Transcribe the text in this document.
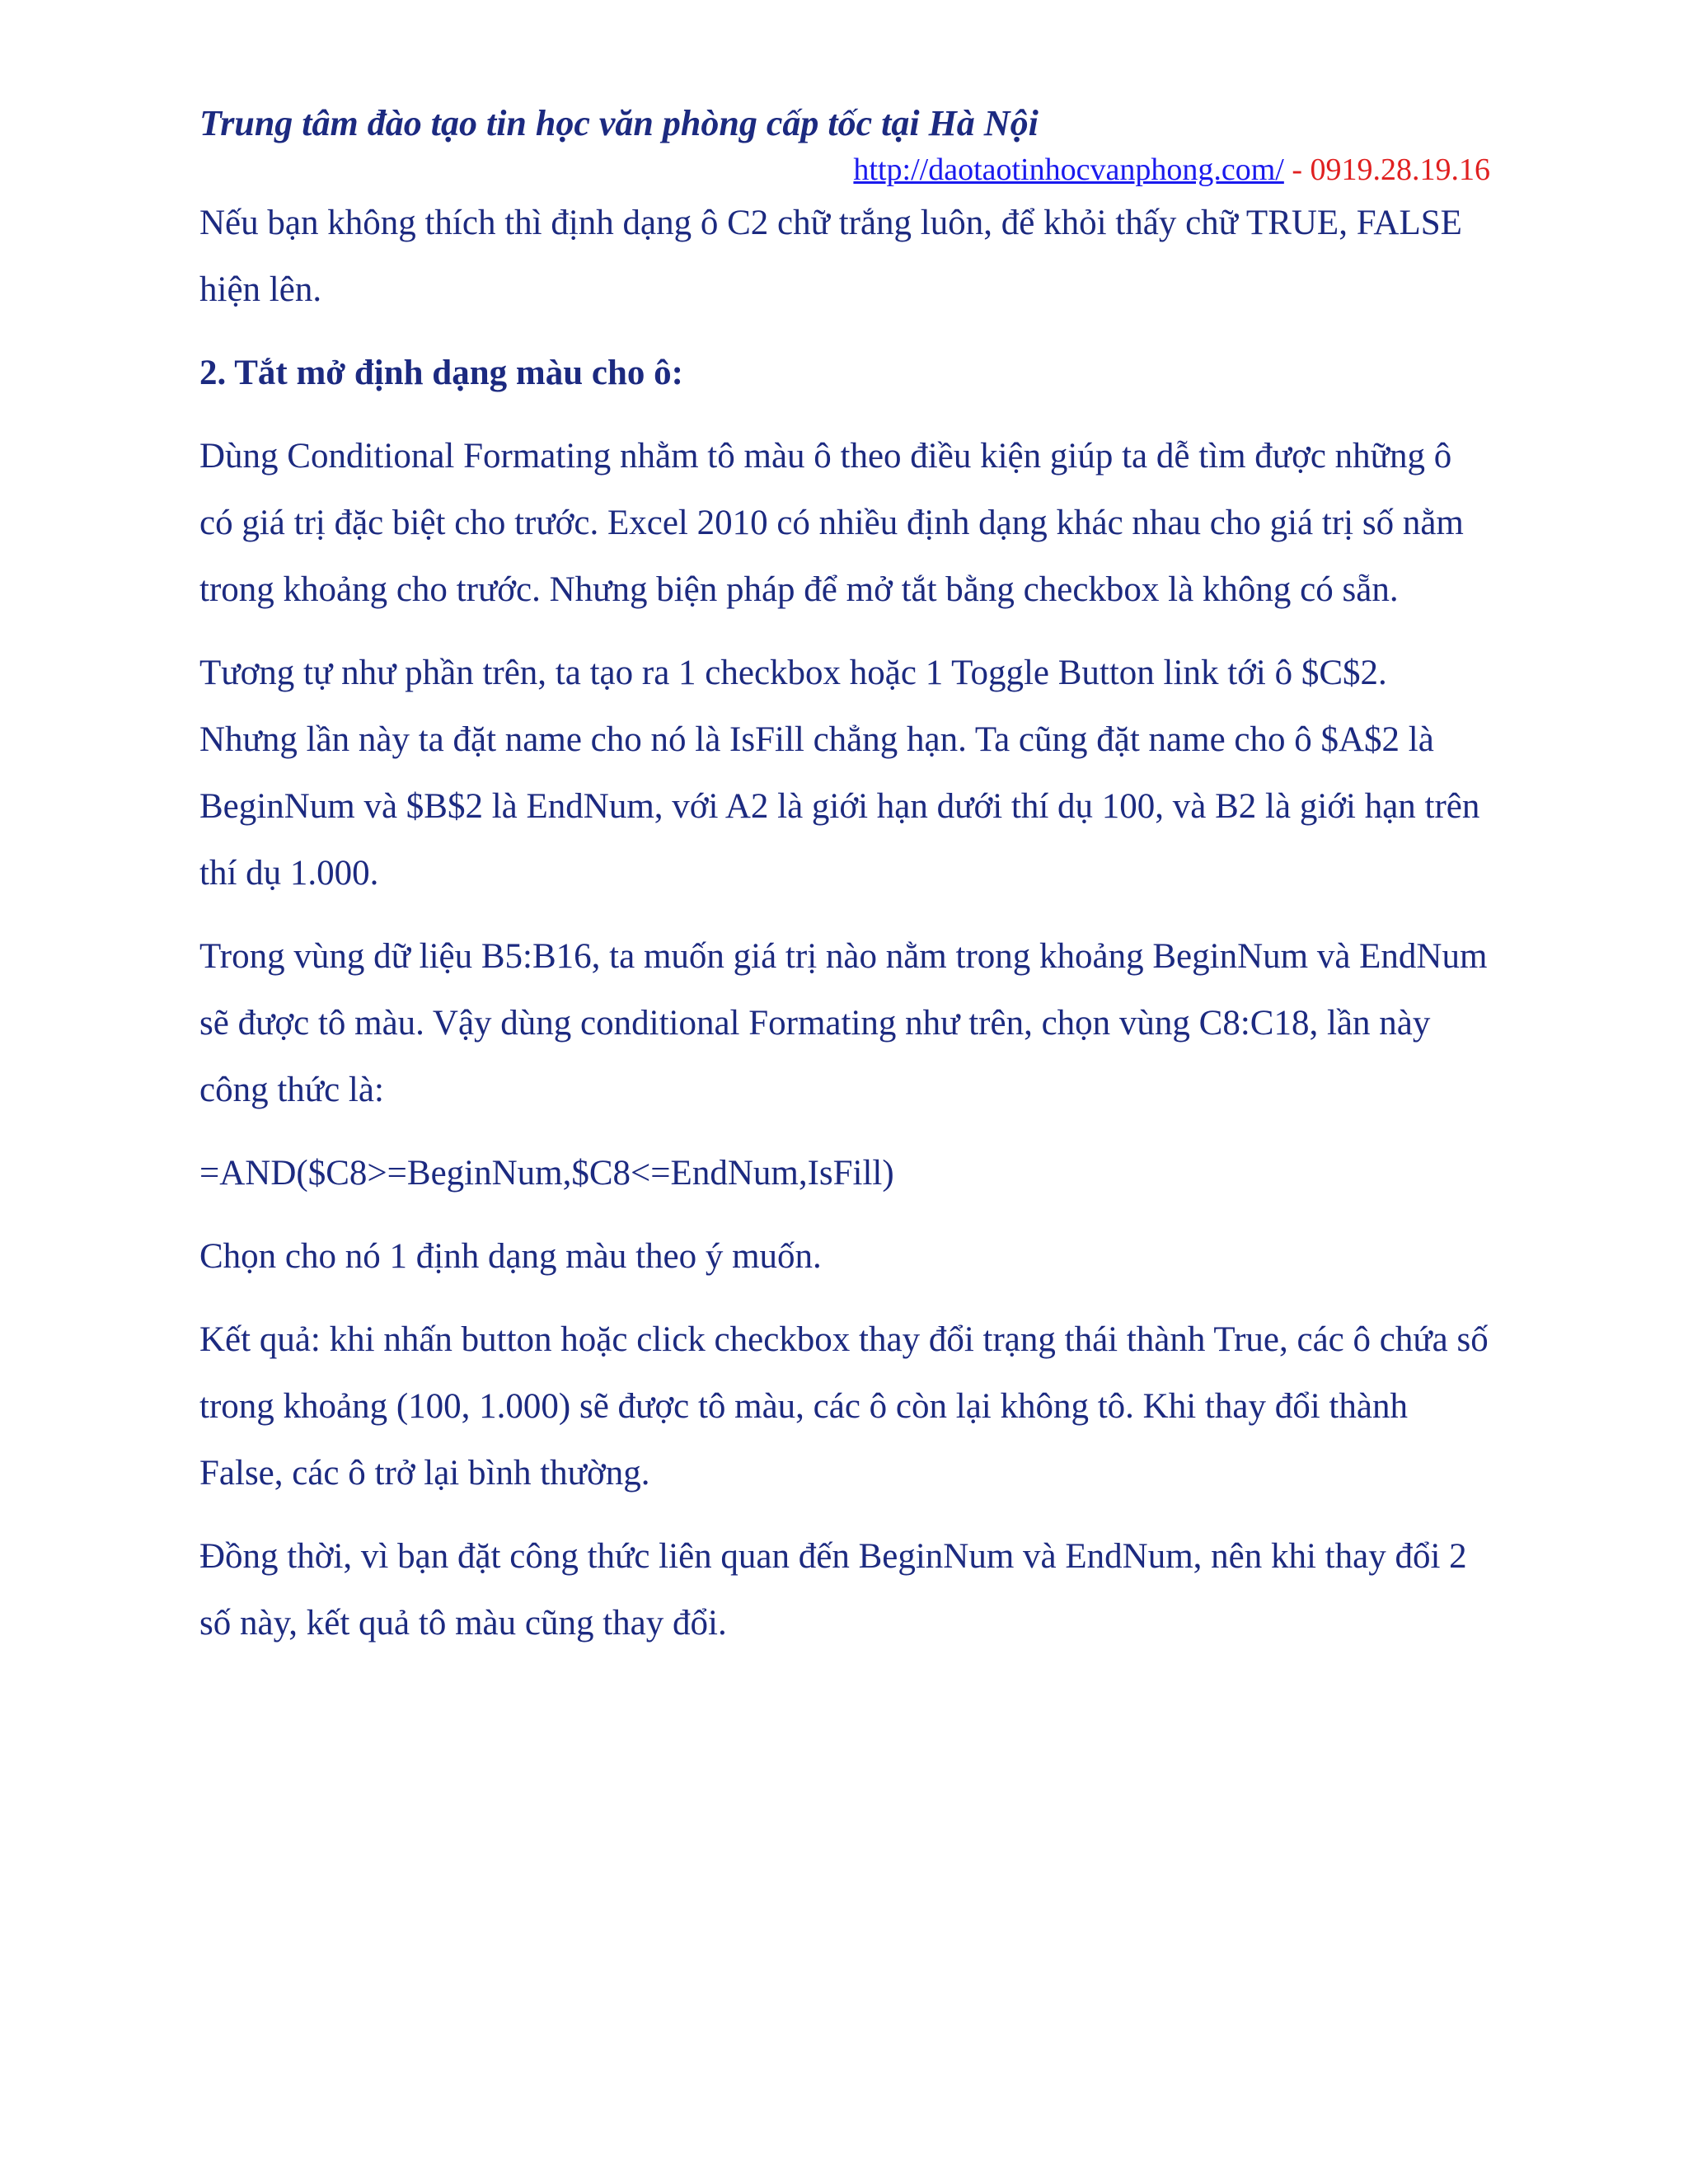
Trung tâm đào tạo tin học văn phòng cấp tốc tại Hà Nội

http://daotaotinhocvanphong.com/ - 0919.28.19.16

Nếu bạn không thích thì định dạng ô C2 chữ trắng luôn, để khỏi thấy chữ TRUE, FALSE hiện lên.

2. Tắt mở định dạng màu cho ô:

Dùng Conditional Formating nhằm tô màu ô theo điều kiện giúp ta dễ tìm được những ô có giá trị đặc biệt cho trước. Excel 2010 có nhiều định dạng khác nhau cho giá trị số nằm trong khoảng cho trước. Nhưng biện pháp để mở tắt bằng checkbox là không có sẵn.

Tương tự như phần trên, ta tạo ra 1 checkbox hoặc 1 Toggle Button link tới ô $C$2. Nhưng lần này ta đặt name cho nó là IsFill chẳng hạn. Ta cũng đặt name cho ô $A$2 là BeginNum và $B$2 là EndNum, với A2 là giới hạn dưới thí dụ 100, và B2 là giới hạn trên thí dụ 1.000.

Trong vùng dữ liệu B5:B16, ta muốn giá trị nào nằm trong khoảng BeginNum và EndNum sẽ được tô màu. Vậy dùng conditional Formating như trên, chọn vùng C8:C18, lần này công thức là:

=AND($C8>=BeginNum,$C8<=EndNum,IsFill)

Chọn cho nó 1 định dạng màu theo ý muốn.

Kết quả: khi nhấn button hoặc click checkbox thay đổi trạng thái thành True, các ô chứa số trong khoảng (100, 1.000) sẽ được tô màu, các ô còn lại không tô. Khi thay đổi thành False, các ô trở lại bình thường.

Đồng thời, vì bạn đặt công thức liên quan đến BeginNum và EndNum, nên khi thay đổi 2 số này, kết quả tô màu cũng thay đổi.
